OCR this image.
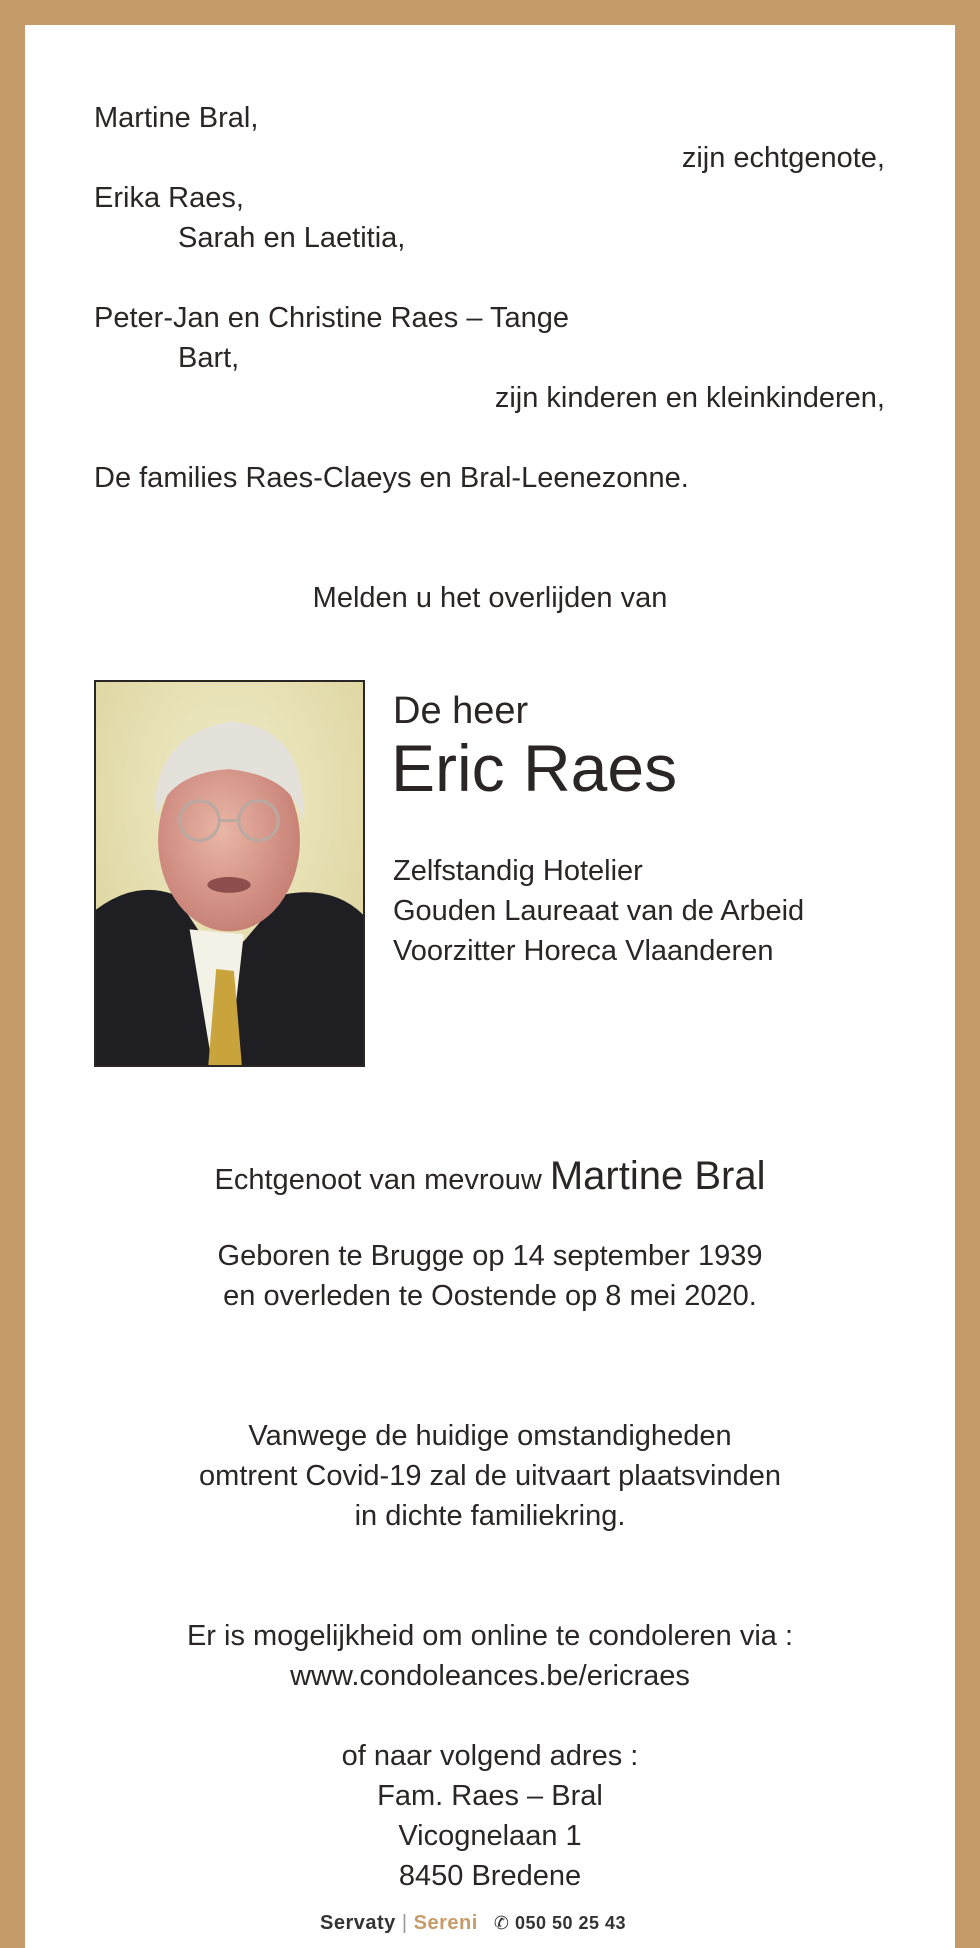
Martine Bral,
zijn echtgenote,
Erika Raes,
Sarah en Laetitia,
Peter-Jan en Christine Raes – Tange
Bart,
zijn kinderen en kleinkinderen,
De families Raes-Claeys en Bral-Leenezonne.
Melden u het overlijden van
De heer
Eric Raes
Zelfstandig Hotelier
Gouden Laureaat van de Arbeid
Voorzitter Horeca Vlaanderen
Echtgenoot van mevrouw Martine Bral
Geboren te Brugge op 14 september 1939
en overleden te Oostende op 8 mei 2020.
Vanwege de huidige omstandigheden
omtrent Covid-19 zal de uitvaart plaatsvinden
in dichte familiekring.
Er is mogelijkheid om online te condoleren via :
www.condoleances.be/ericraes
of naar volgend adres :
Fam. Raes – Bral
Vicognelaan 1
8450 Bredene
Servaty | Sereni ✆ 050 50 25 43
